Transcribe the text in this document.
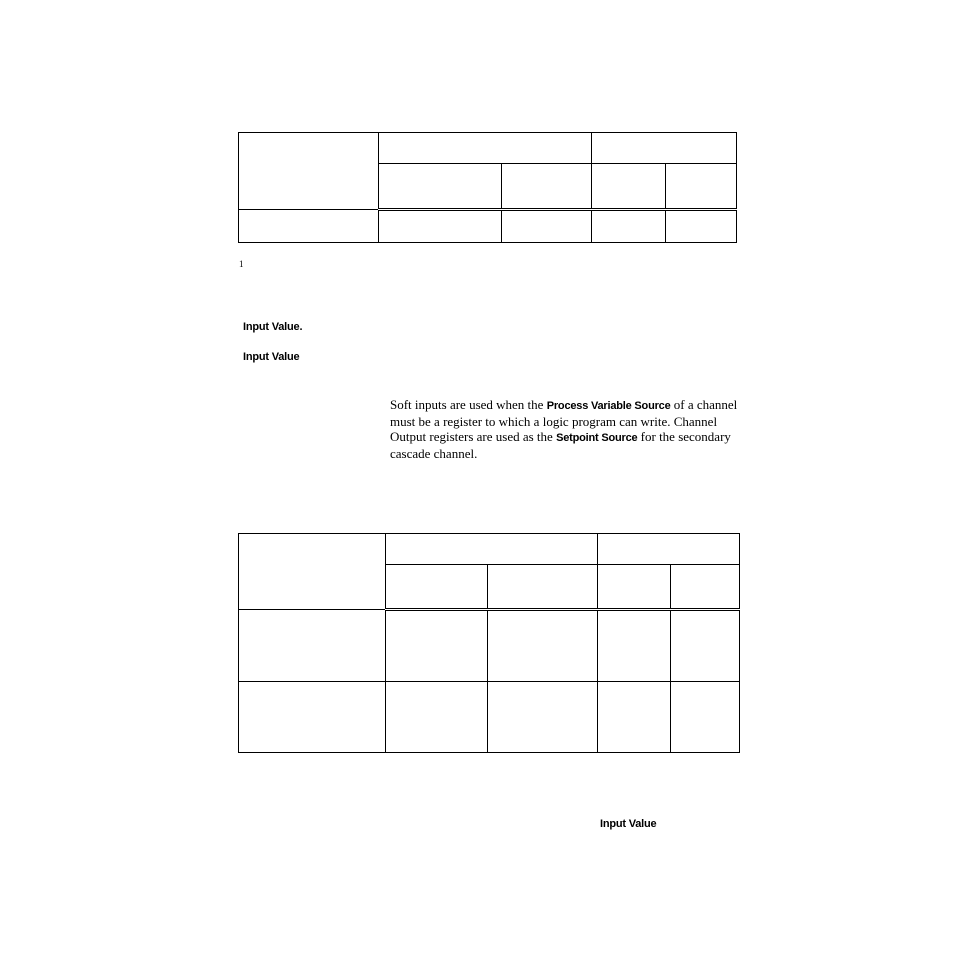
1
Input Value.
Input Value
Soft inputs are used when the Process Variable Source of a channel must be a register to which a logic program can write. Channel Output registers are used as the Setpoint Source for the secondary cascade channel.

Input Value
